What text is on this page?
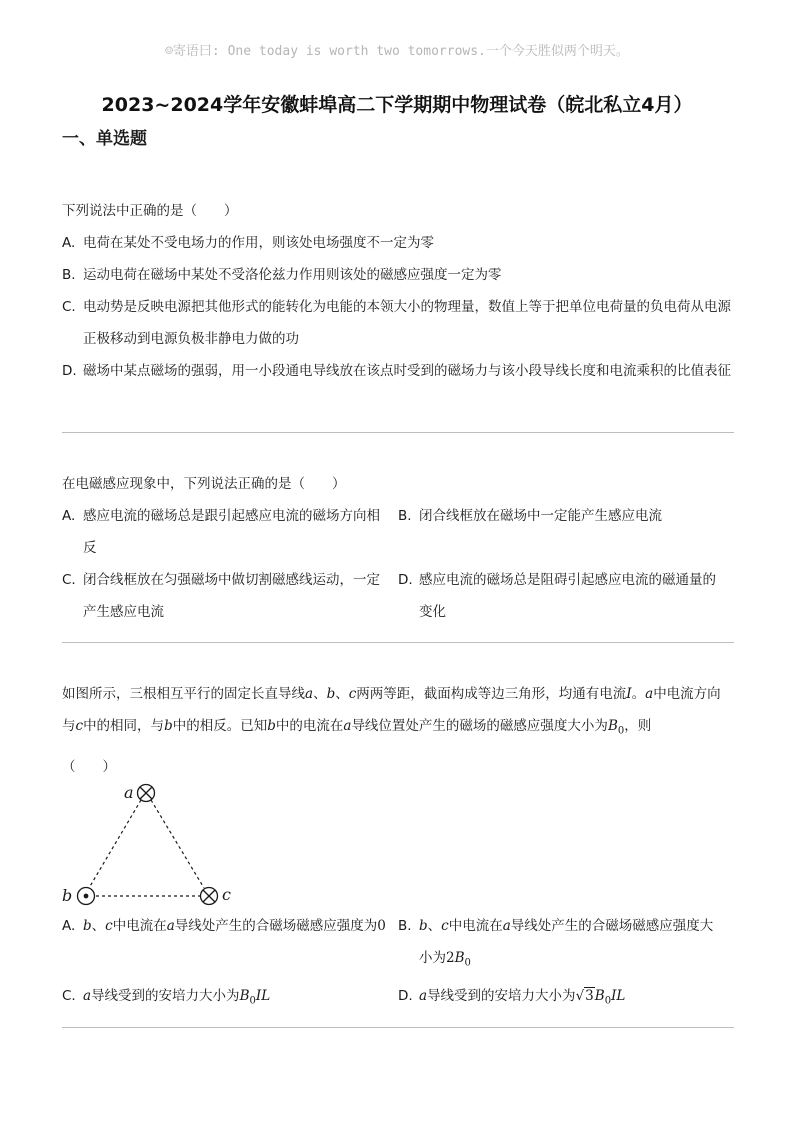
☺寄语曰: One today is worth two tomorrows.一个今天胜似两个明天。
2023~2024学年安徽蚌埠高二下学期期中物理试卷（皖北私立4月）
一、单选题

下列说法中正确的是（　　）

A. 电荷在某处不受电场力的作用，则该处电场强度不一定为零
B. 运动电荷在磁场中某处不受洛伦兹力作用则该处的磁感应强度一定为零
C. 电动势是反映电源把其他形式的能转化为电能的本领大小的物理量，数值上等于把单位电荷量的负电荷从电源正极移动到电源负极非静电力做的功
D. 磁场中某点磁场的强弱，用一小段通电导线放在该点时受到的磁场力与该小段导线长度和电流乘积的比值表征

在电磁感应现象中，下列说法正确的是（　　）

A. 感应电流的磁场总是跟引起感应电流的磁场方向相反
B. 闭合线框放在磁场中一定能产生感应电流
C. 闭合线框放在匀强磁场中做切割磁感线运动，一定产生感应电流
D. 感应电流的磁场总是阻碍引起感应电流的磁通量的变化

如图所示，三根相互平行的固定长直导线a、b、c两两等距，截面构成等边三角形，均通有电流I。a中电流方向与c中的相同，与b中的相反。已知b中的电流在a导线位置处产生的磁场的磁感应强度大小为$B_0$，则

（　　）

a
b	c
A. b、c中电流在a导线处产生的合磁场磁感应强度为0 B. b、c中电流在a导线处产生的合磁场磁感应强度大小为$2B_0$
C. a导线受到的安培力大小为$B_0IL$	D. a导线受到的安培力大小为$√3B_0IL$
